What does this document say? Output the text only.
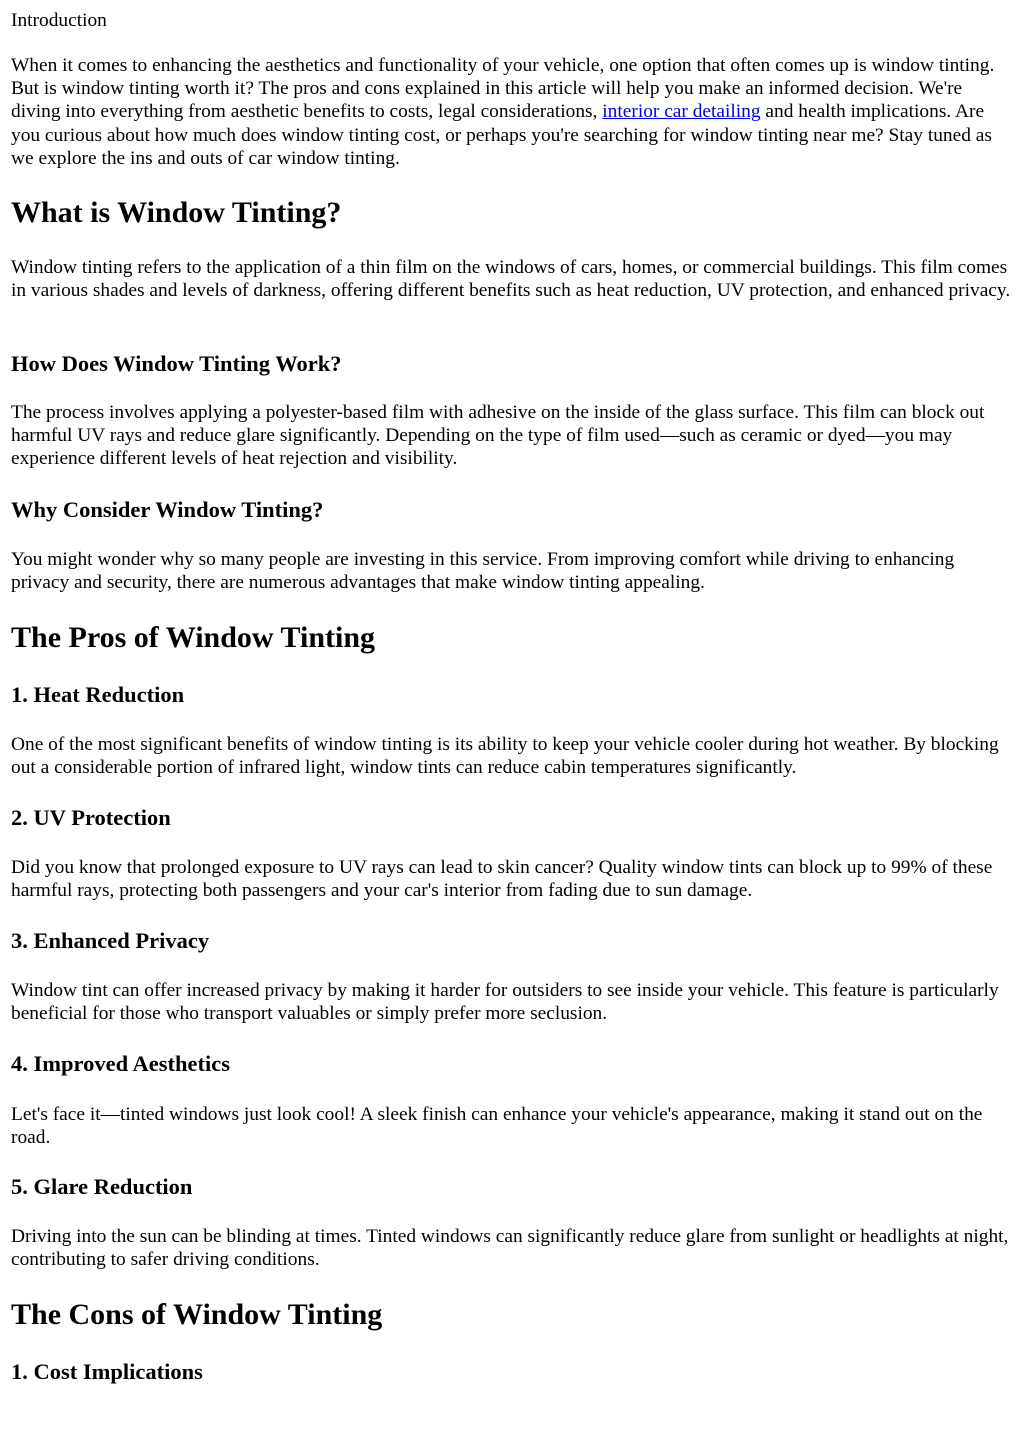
Introduction

When it comes to enhancing the aesthetics and functionality of your vehicle, one option that often comes up is window tinting. But is window tinting worth it? The pros and cons explained in this article will help you make an informed decision. We're diving into everything from aesthetic benefits to costs, legal considerations, interior car detailing and health implications. Are you curious about how much does window tinting cost, or perhaps you're searching for window tinting near me? Stay tuned as we explore the ins and outs of car window tinting.

What is Window Tinting?

Window tinting refers to the application of a thin film on the windows of cars, homes, or commercial buildings. This film comes in various shades and levels of darkness, offering different benefits such as heat reduction, UV protection, and enhanced privacy.

How Does Window Tinting Work?

The process involves applying a polyester-based film with adhesive on the inside of the glass surface. This film can block out harmful UV rays and reduce glare significantly. Depending on the type of film used—such as ceramic or dyed—you may experience different levels of heat rejection and visibility.

Why Consider Window Tinting?

You might wonder why so many people are investing in this service. From improving comfort while driving to enhancing privacy and security, there are numerous advantages that make window tinting appealing.

The Pros of Window Tinting
1. Heat Reduction

One of the most significant benefits of window tinting is its ability to keep your vehicle cooler during hot weather. By blocking out a considerable portion of infrared light, window tints can reduce cabin temperatures significantly.

2. UV Protection

Did you know that prolonged exposure to UV rays can lead to skin cancer? Quality window tints can block up to 99% of these harmful rays, protecting both passengers and your car's interior from fading due to sun damage.

3. Enhanced Privacy

Window tint can offer increased privacy by making it harder for outsiders to see inside your vehicle. This feature is particularly beneficial for those who transport valuables or simply prefer more seclusion.

4. Improved Aesthetics

Let's face it—tinted windows just look cool! A sleek finish can enhance your vehicle's appearance, making it stand out on the road.

5. Glare Reduction

Driving into the sun can be blinding at times. Tinted windows can significantly reduce glare from sunlight or headlights at night, contributing to safer driving conditions.

The Cons of Window Tinting
1. Cost Implications
